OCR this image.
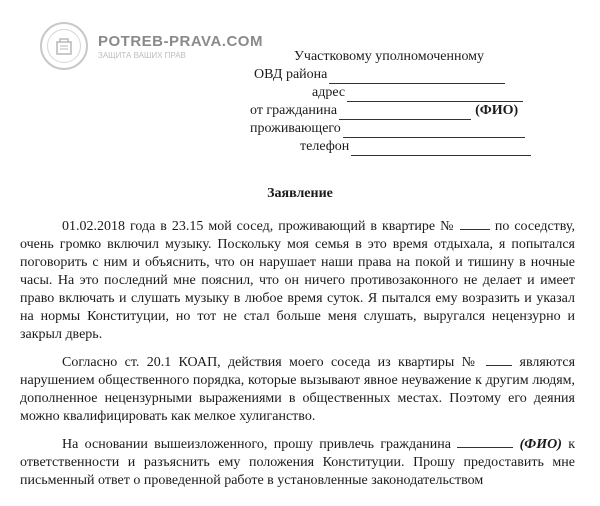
POTREB-PRAVA.COM
ЗАЩИТА ВАШИХ ПРАВ	Участковому уполномоченному
ОВД района
адрес
от гражданина	(ФИО)
проживающего
телефон
Заявление

01.02.2018 года в 23.15 мой сосед, проживающий в квартире №	по соседству, очень громко включил музыку. Поскольку моя семья в это время отдыхала, я попытался поговорить с ним и объяснить, что он нарушает наши права на покой и тишину в ночные часы. На это последний мне пояснил, что он ничего противозаконного не делает и имеет право включать и слушать музыку в любое время суток. Я пытался ему возразить и указал на нормы Конституции, но тот не стал больше меня слушать, выругался нецензурно и закрыл дверь.

Согласно ст. 20.1 КОАП, действия моего соседа из квартиры №	являются нарушением общественного порядка, которые вызывают явное неуважение к другим людям, дополненное нецензурными выражениями в общественных местах. Поэтому его деяния можно квалифицировать как мелкое хулиганство.

На основании вышеизложенного, прошу привлечь гражданина	(ФИО) к ответственности и разъяснить ему положения Конституции. Прошу предоставить мне письменный ответ о проведенной работе в установленные законодательством
